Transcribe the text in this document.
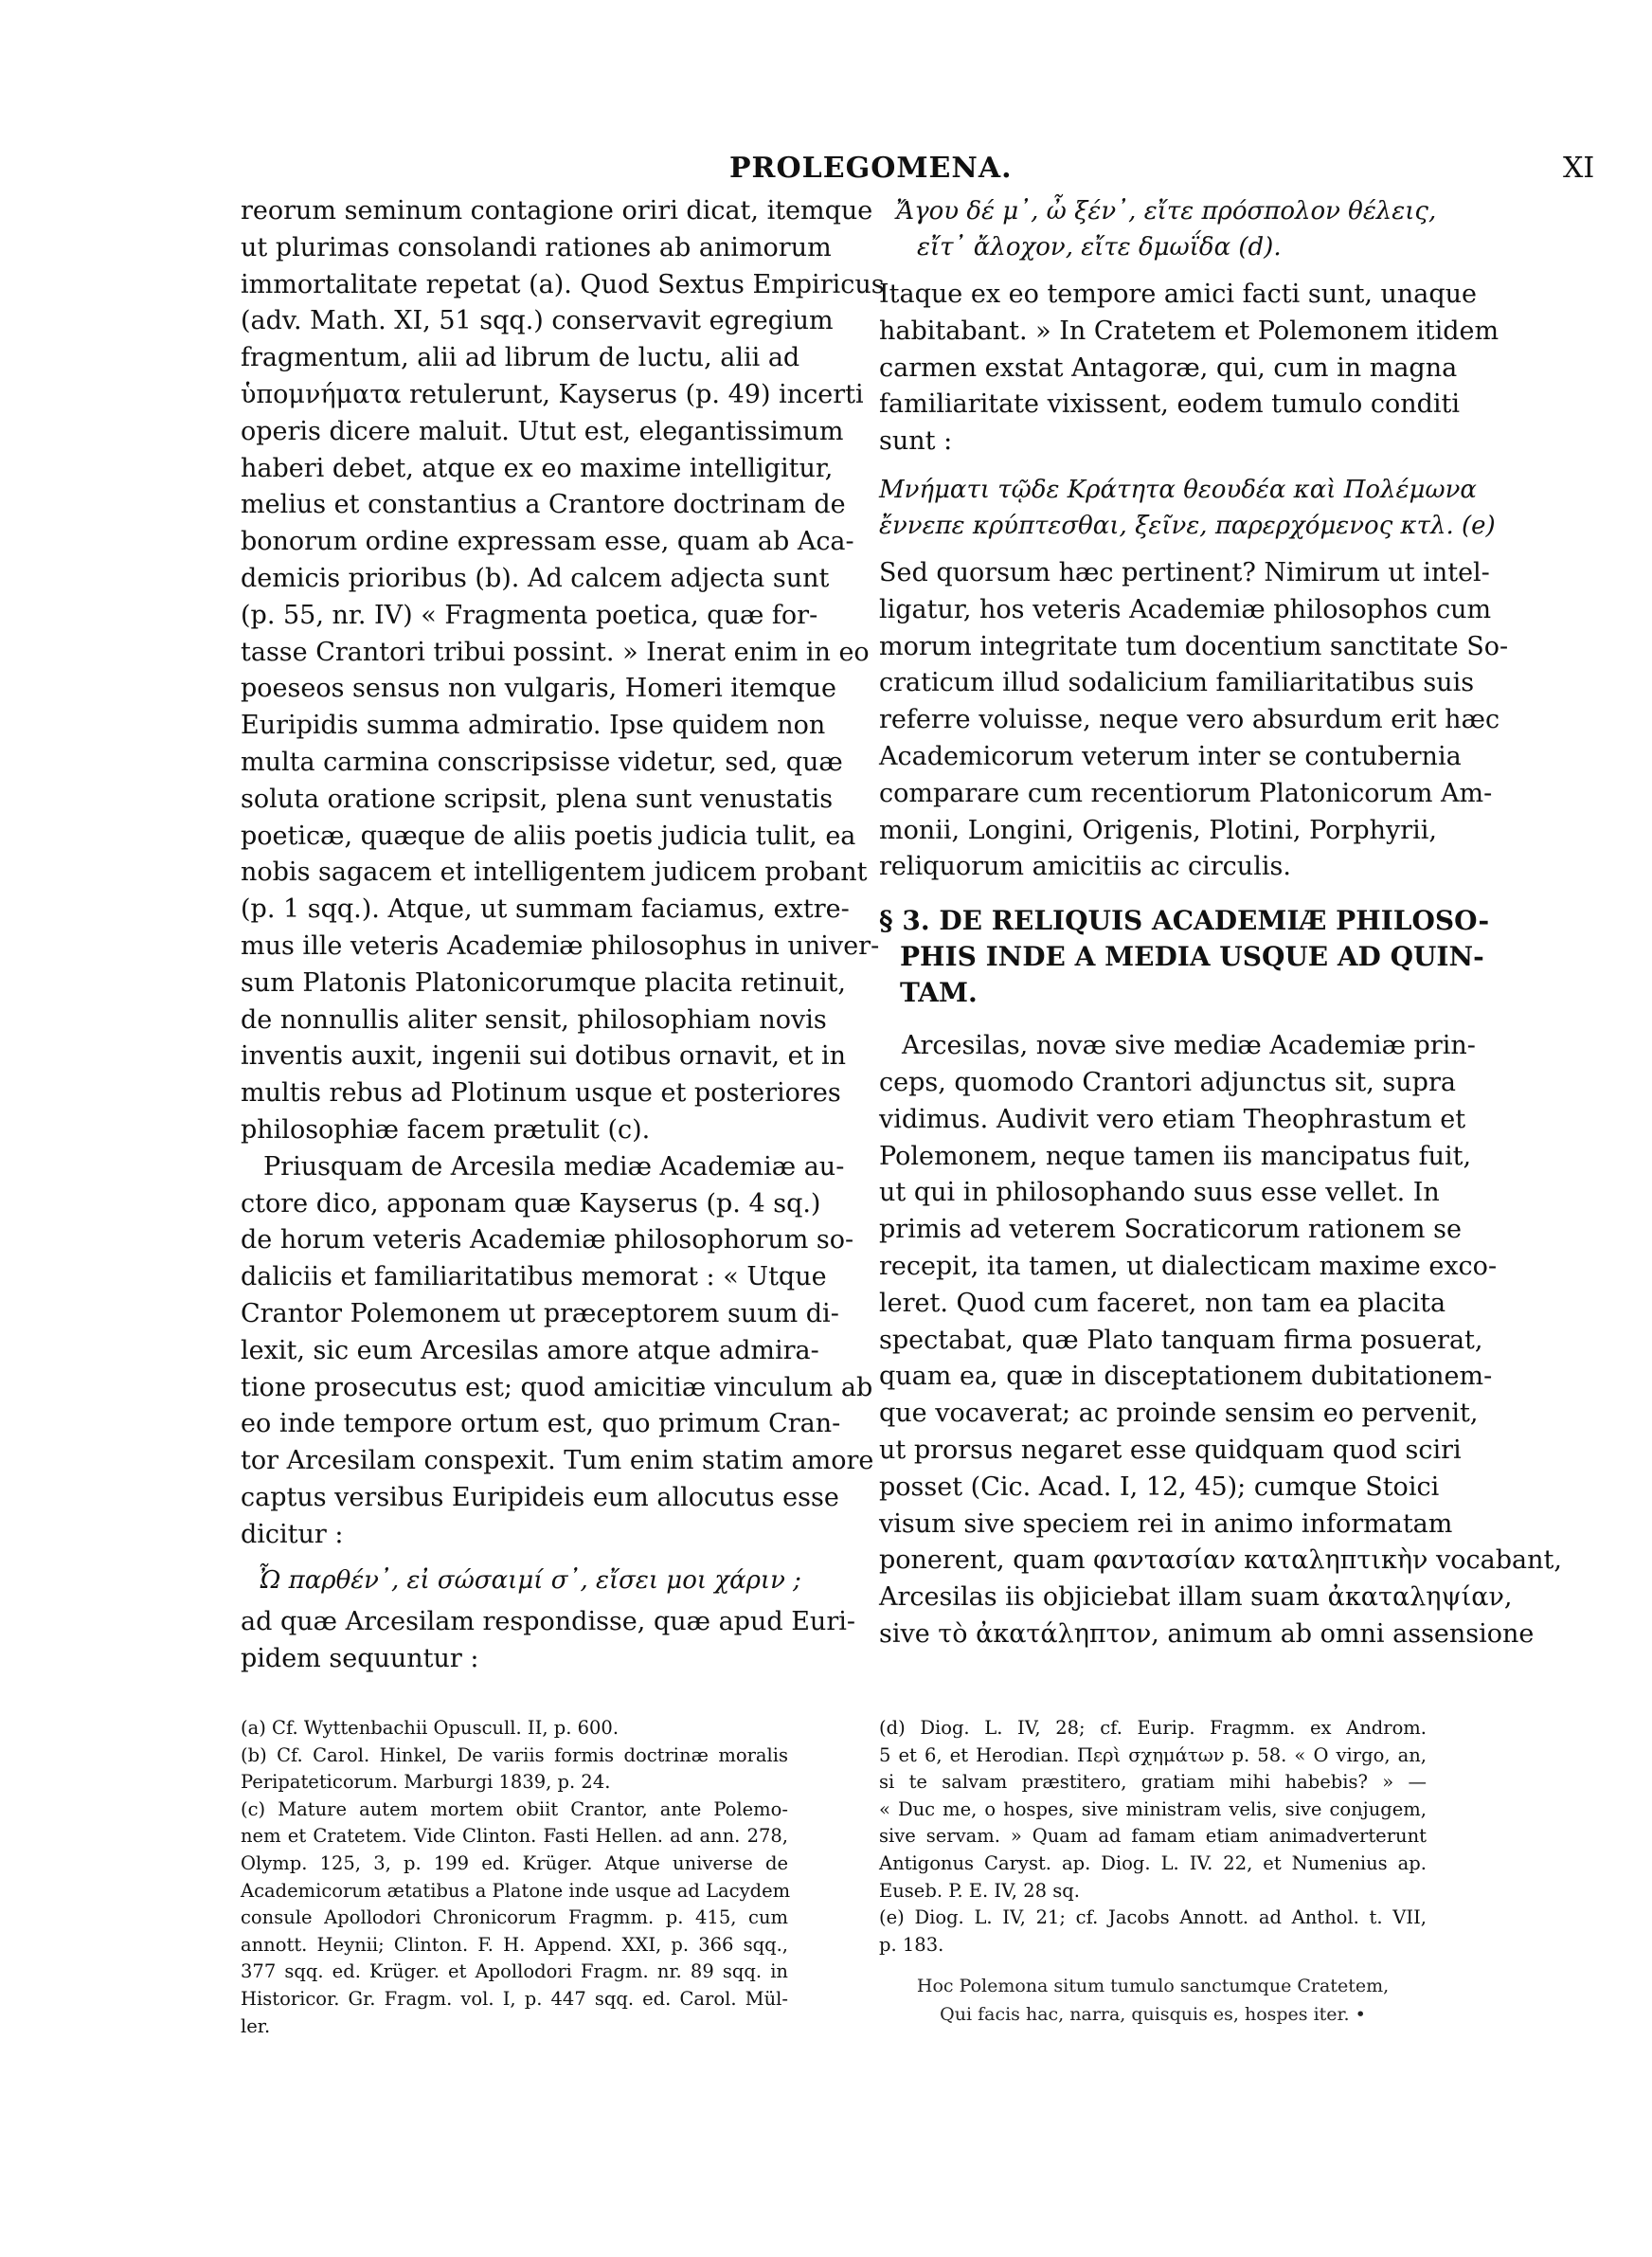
PROLEGOMENA.	XI
reorum seminum contagione oriri dicat, itemque
ut plurimas consolandi rationes ab animorum
immortalitate repetat (a). Quod Sextus Empiricus
(adv. Math. XI, 51 sqq.) conservavit egregium
fragmentum, alii ad librum de luctu, alii ad
ὑπομνήματα retulerunt, Kayserus (p. 49) incerti
operis dicere maluit. Utut est, elegantissimum
haberi debet, atque ex eo maxime intelligitur,
melius et constantius a Crantore doctrinam de
bonorum ordine expressam esse, quam ab Aca-
demicis prioribus (b). Ad calcem adjecta sunt
(p. 55, nr. IV) « Fragmenta poetica, quæ for-
tasse Crantori tribui possint. » Inerat enim in eo
poeseos sensus non vulgaris, Homeri itemque
Euripidis summa admiratio. Ipse quidem non
multa carmina conscripsisse videtur, sed, quæ
soluta oratione scripsit, plena sunt venustatis
poeticæ, quæque de aliis poetis judicia tulit, ea
nobis sagacem et intelligentem judicem probant
(p. 1 sqq.). Atque, ut summam faciamus, extre-
mus ille veteris Academiæ philosophus in univer-
sum Platonis Platonicorumque placita retinuit,
de nonnullis aliter sensit, philosophiam novis
inventis auxit, ingenii sui dotibus ornavit, et in
multis rebus ad Plotinum usque et posteriores
philosophiæ facem prætulit (c).
Priusquam de Arcesila mediæ Academiæ au-
ctore dico, apponam quæ Kayserus (p. 4 sq.)
de horum veteris Academiæ philosophorum so-
daliciis et familiaritatibus memorat : « Utque
Crantor Polemonem ut præceptorem suum di-
lexit, sic eum Arcesilas amore atque admira-
tione prosecutus est; quod amicitiæ vinculum ab
eo inde tempore ortum est, quo primum Cran-
tor Arcesilam conspexit. Tum enim statim amore
captus versibus Euripideis eum allocutus esse
dicitur :
Ὦ παρθέν᾽, εἰ σώσαιμί σ᾽, εἴσει μοι χάριν ;
ad quæ Arcesilam respondisse, quæ apud Euri-
pidem sequuntur :
(a) Cf. Wyttenbachii Opuscull. II, p. 600.
(b) Cf. Carol. Hinkel, De variis formis doctrinæ moralis
Peripateticorum. Marburgi 1839, p. 24.
(c) Maturе autem mortem obiit Crantor, ante Polemo-
nem et Cratetem. Vide Clinton. Fasti Hellen. ad ann. 278,
Olymp. 125, 3, p. 199 ed. Krüger. Atque universe de
Academicorum ætatibus a Platone inde usque ad Lacydem
consule Apollodori Chronicorum Fragmm. p. 415, cum
annott. Heynii; Clinton. F. H. Append. XXI, p. 366 sqq.,
377 sqq. ed. Krüger. et Apollodori Fragm. nr. 89 sqq. in
Historicor. Gr. Fragm. vol. I, p. 447 sqq. ed. Carol. Mül-
ler.
Ἄγου δέ μ᾽, ὦ ξέν᾽, εἴτε πρόσπολον θέλεις,
εἴτ᾽ ἄλοχον, εἴτε δμωΐδα (d).
Itaque ex eo tempore amici facti sunt, unaque
habitabant. » In Cratetem et Polemonem itidem
carmen exstat Antagoræ, qui, cum in magna
familiaritate vixissent, eodem tumulo conditi
sunt :
Μνήματι τῷδε Κράτητα θεουδέα καὶ Πολέμωνα
ἔννεπε κρύπτεσθαι, ξεῖνε, παρερχόμενος κτλ. (e)
Sed quorsum hæc pertinent? Nimirum ut intel-
ligatur, hos veteris Academiæ philosophos cum
morum integritate tum docentium sanctitate So-
craticum illud sodalicium familiaritatibus suis
referre voluisse, neque vero absurdum erit hæc
Academicorum veterum inter se contubernia
comparare cum recentiorum Platonicorum Am-
monii, Longini, Origenis, Plotini, Porphyrii,
reliquorum amicitiis ac circulis.
§ 3. DE RELIQUIS ACADEMIÆ PHILOSO-
PHIS INDE A MEDIA USQUE AD QUIN-
TAM.
Arcesilas, novæ sive mediæ Academiæ prin-
ceps, quomodo Crantori adjunctus sit, supra
vidimus. Audivit vero etiam Theophrastum et
Polemonem, neque tamen iis mancipatus fuit,
ut qui in philosophando suus esse vellet. In
primis ad veterem Socraticorum rationem se
recepit, ita tamen, ut dialecticam maxime exco-
leret. Quod cum faceret, non tam ea placita
spectabat, quæ Plato tanquam firma posuerat,
quam ea, quæ in disceptationem dubitationem-
que vocaverat; ac proinde sensim eo pervenit,
ut prorsus negaret esse quidquam quod sciri
posset (Cic. Acad. I, 12, 45); cumque Stoici
visum sive speciem rei in animo informatam
ponerent, quam φαντασίαν καταληπτικὴν vocabant,
Arcesilas iis objiciebat illam suam ἀκαταληψίαν,
sive τὸ ἀκατάληπτον, animum ab omni assensione
(d) Diog. L. IV, 28; cf. Eurip. Fragmm. ex Androm.
5 et 6, et Herodian. Περὶ σχημάτων p. 58. « O virgo, an,
si te salvam præstitero, gratiam mihi habebis? » —
« Duc me, o hospes, sive ministram velis, sive conjugem,
sive servam. » Quam ad famam etiam animadverterunt
Antigonus Caryst. ap. Diog. L. IV. 22, et Numenius ap.
Euseb. P. E. IV, 28 sq.
(e) Diog. L. IV, 21; cf. Jacobs Annott. ad Anthol. t. VII,
p. 183.
Hoc Polemona situm tumulo sanctumque Cratetem,
Qui facis hac, narra, quisquis es, hospes iter. •
